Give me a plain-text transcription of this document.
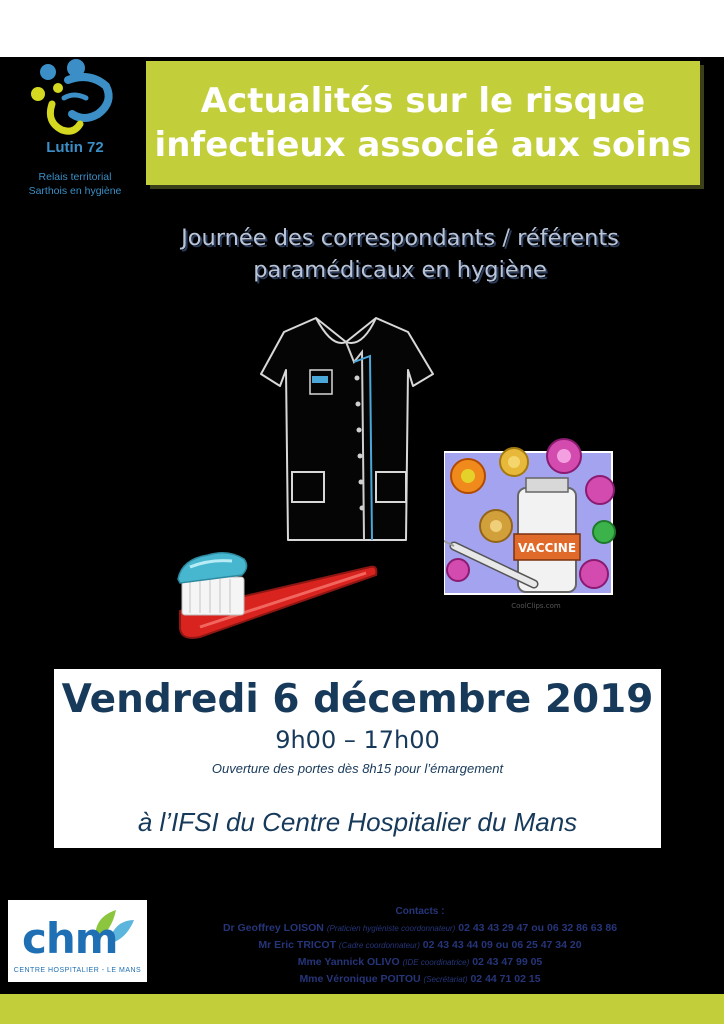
Lutin 72
Relais territorial
Sarthois en hygiène
Actualités sur le risque
infectieux associé aux soins
Journée des correspondants / référents
paramédicaux en hygiène
VACCINE
CoolClips.com
Vendredi 6 décembre 2019
9h00 – 17h00
Ouverture des portes dès 8h15 pour l’émargement
à l’IFSI du Centre Hospitalier du Mans
chm
CENTRE HOSPITALIER - LE MANS
Contacts :
Dr Geoffrey LOISON (Praticien hygiéniste coordonnateur) 02 43 43 29 47 ou 06 32 86 63 86
Mr Eric TRICOT (Cadre coordonnateur) 02 43 43 44 09 ou 06 25 47 34 20
Mme Yannick OLIVO (IDE coordinatrice) 02 43 47 99 05
Mme Véronique POITOU (Secrétariat) 02 44 71 02 15
